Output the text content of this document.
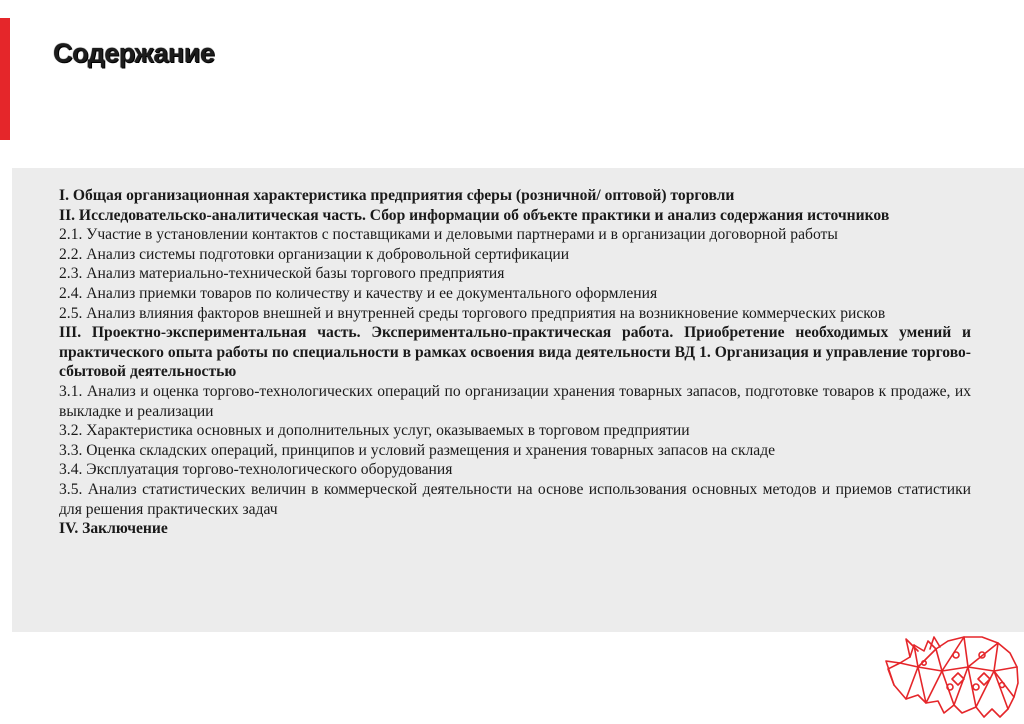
Содержание
I. Общая организационная характеристика предприятия сферы (розничной/ оптовой) торговли
II. Исследовательско-аналитическая часть. Сбор информации об объекте практики и анализ содержания источников
2.1. Участие в установлении контактов с поставщиками и деловыми партнерами и в организации договорной работы
2.2. Анализ системы подготовки организации к добровольной сертификации
2.3. Анализ материально-технической базы торгового предприятия
2.4. Анализ приемки товаров по количеству и качеству и ее документального оформления
2.5. Анализ влияния факторов внешней и внутренней среды торгового предприятия на возникновение коммерческих рисков
III. Проектно-экспериментальная часть. Экспериментально-практическая работа. Приобретение необходимых умений и практического опыта работы по специальности в рамках освоения вида деятельности ВД 1. Организация и управление торгово-сбытовой деятельностью
3.1. Анализ и оценка торгово-технологических операций по организации хранения товарных запасов, подготовке товаров к продаже, их выкладке и реализации
3.2. Характеристика основных и дополнительных услуг, оказываемых в торговом предприятии
3.3. Оценка складских операций, принципов и условий размещения и хранения товарных запасов на складе
3.4. Эксплуатация торгово-технологического оборудования
3.5. Анализ статистических величин в коммерческой деятельности на основе использования основных методов и приемов статистики для решения практических задач
IV. Заключение
